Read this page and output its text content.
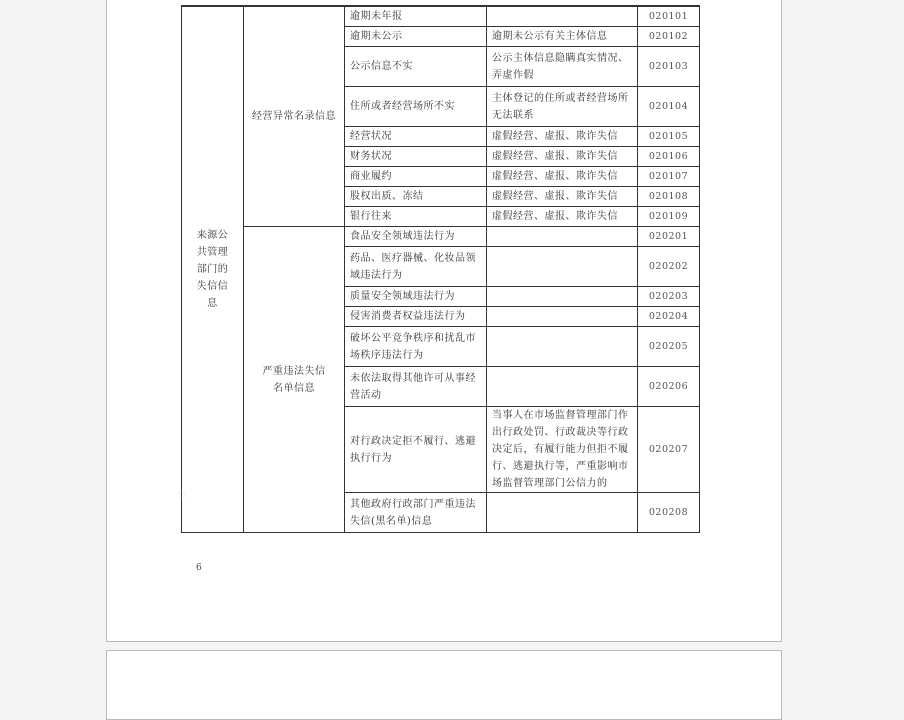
来源公共管理部门的失信信息	经营异常名录信息	逾期未年报		020101
		逾期未公示	逾期未公示有关主体信息	020102
		公示信息不实	公示主体信息隐瞒真实情况、弄虚作假	020103
		住所或者经营场所不实	主体登记的住所或者经营场所无法联系	020104
		经营状况	虚假经营、虚报、欺诈失信	020105
		财务状况	虚假经营、虚报、欺诈失信	020106
		商业履约	虚假经营、虚报、欺诈失信	020107
		股权出质、冻结	虚假经营、虚报、欺诈失信	020108
		银行往来	虚假经营、虚报、欺诈失信	020109
	严重违法失信名单信息	食品安全领域违法行为		020201
		药品、医疗器械、化妆品领域违法行为		020202
		质量安全领域违法行为		020203
		侵害消费者权益违法行为		020204
		破坏公平竞争秩序和扰乱市场秩序违法行为		020205
		未依法取得其他许可从事经营活动		020206
		对行政决定拒不履行、逃避执行行为	当事人在市场监督管理部门作出行政处罚、行政裁决等行政决定后，有履行能力但拒不履行、逃避执行等，严重影响市场监督管理部门公信力的	020207
		其他政府行政部门严重违法失信(黑名单)信息		020208
◌
6
